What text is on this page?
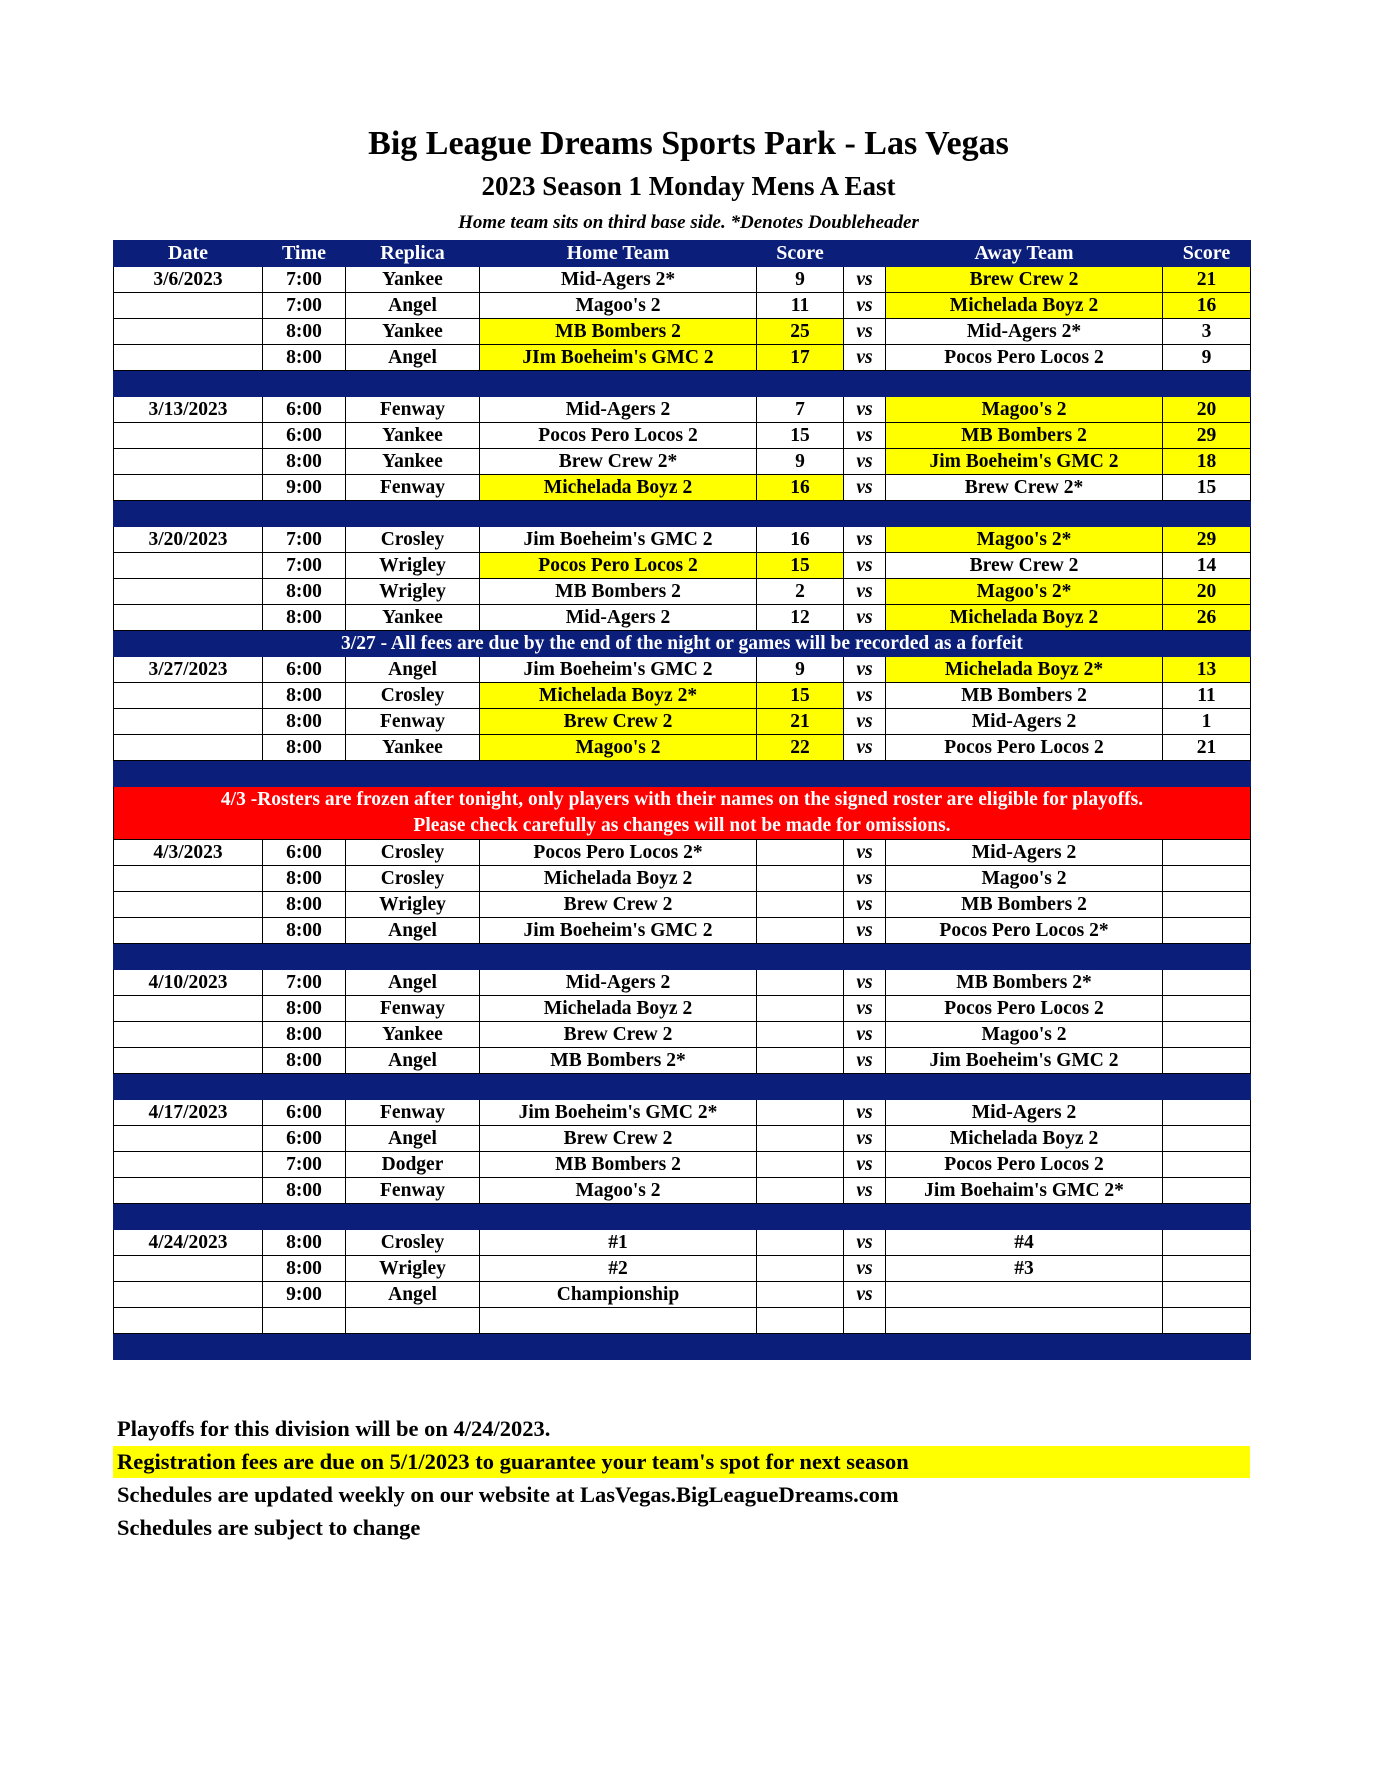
Big League Dreams Sports Park - Las Vegas
2023 Season 1 Monday Mens A East
Home team sits on third base side. *Denotes Doubleheader
Date	Time	Replica	Home Team	Score		Away Team	Score
3/6/2023	7:00	Yankee	Mid-Agers 2*	9	vs	Brew Crew 2	21
	7:00	Angel	Magoo's 2	11	vs	Michelada Boyz 2	16
	8:00	Yankee	MB Bombers 2	25	vs	Mid-Agers 2*	3
	8:00	Angel	JIm Boeheim's GMC 2	17	vs	Pocos Pero Locos 2	9

3/13/2023	6:00	Fenway	Mid-Agers 2	7	vs	Magoo's 2	20
	6:00	Yankee	Pocos Pero Locos 2	15	vs	MB Bombers 2	29
	8:00	Yankee	Brew Crew 2*	9	vs	Jim Boeheim's GMC 2	18
	9:00	Fenway	Michelada Boyz 2	16	vs	Brew Crew 2*	15

3/20/2023	7:00	Crosley	Jim Boeheim's GMC 2	16	vs	Magoo's 2*	29
	7:00	Wrigley	Pocos Pero Locos 2	15	vs	Brew Crew 2	14
	8:00	Wrigley	MB Bombers 2	2	vs	Magoo's 2*	20
	8:00	Yankee	Mid-Agers 2	12	vs	Michelada Boyz 2	26
3/27 - All fees are due by the end of the night or games will be recorded as a forfeit							
3/27/2023	6:00	Angel	Jim Boeheim's GMC 2	9	vs	Michelada Boyz 2*	13
	8:00	Crosley	Michelada Boyz 2*	15	vs	MB Bombers 2	11
	8:00	Fenway	Brew Crew 2	21	vs	Mid-Agers 2	1
	8:00	Yankee	Magoo's 2	22	vs	Pocos Pero Locos 2	21

4/3 -Rosters are frozen after tonight, only players with their names on the signed roster are eligible for playoffs.
Please check carefully as changes will not be made for omissions.							

4/3/2023	6:00	Crosley	Pocos Pero Locos 2*		vs	Mid-Agers 2	
	8:00	Crosley	Michelada Boyz 2		vs	Magoo's 2	
	8:00	Wrigley	Brew Crew 2		vs	MB Bombers 2	
	8:00	Angel	Jim Boeheim's GMC 2		vs	Pocos Pero Locos 2*	

4/10/2023	7:00	Angel	Mid-Agers 2		vs	MB Bombers 2*	
	8:00	Fenway	Michelada Boyz 2		vs	Pocos Pero Locos 2	
	8:00	Yankee	Brew Crew 2		vs	Magoo's 2	
	8:00	Angel	MB Bombers 2*		vs	Jim Boeheim's GMC 2	

4/17/2023	6:00	Fenway	Jim Boeheim's GMC 2*		vs	Mid-Agers 2	
	6:00	Angel	Brew Crew 2		vs	Michelada Boyz 2	
	7:00	Dodger	MB Bombers 2		vs	Pocos Pero Locos 2	
	8:00	Fenway	Magoo's 2		vs	Jim Boehaim's GMC 2*	

4/24/2023	8:00	Crosley	#1		vs	#4	
	8:00	Wrigley	#2		vs	#3	
	9:00	Angel	Championship		vs		

Playoffs for this division will be on 4/24/2023.
Registration fees are due on 5/1/2023 to guarantee your team's spot for next season
Schedules are updated weekly on our website at LasVegas.BigLeagueDreams.com
Schedules are subject to change
